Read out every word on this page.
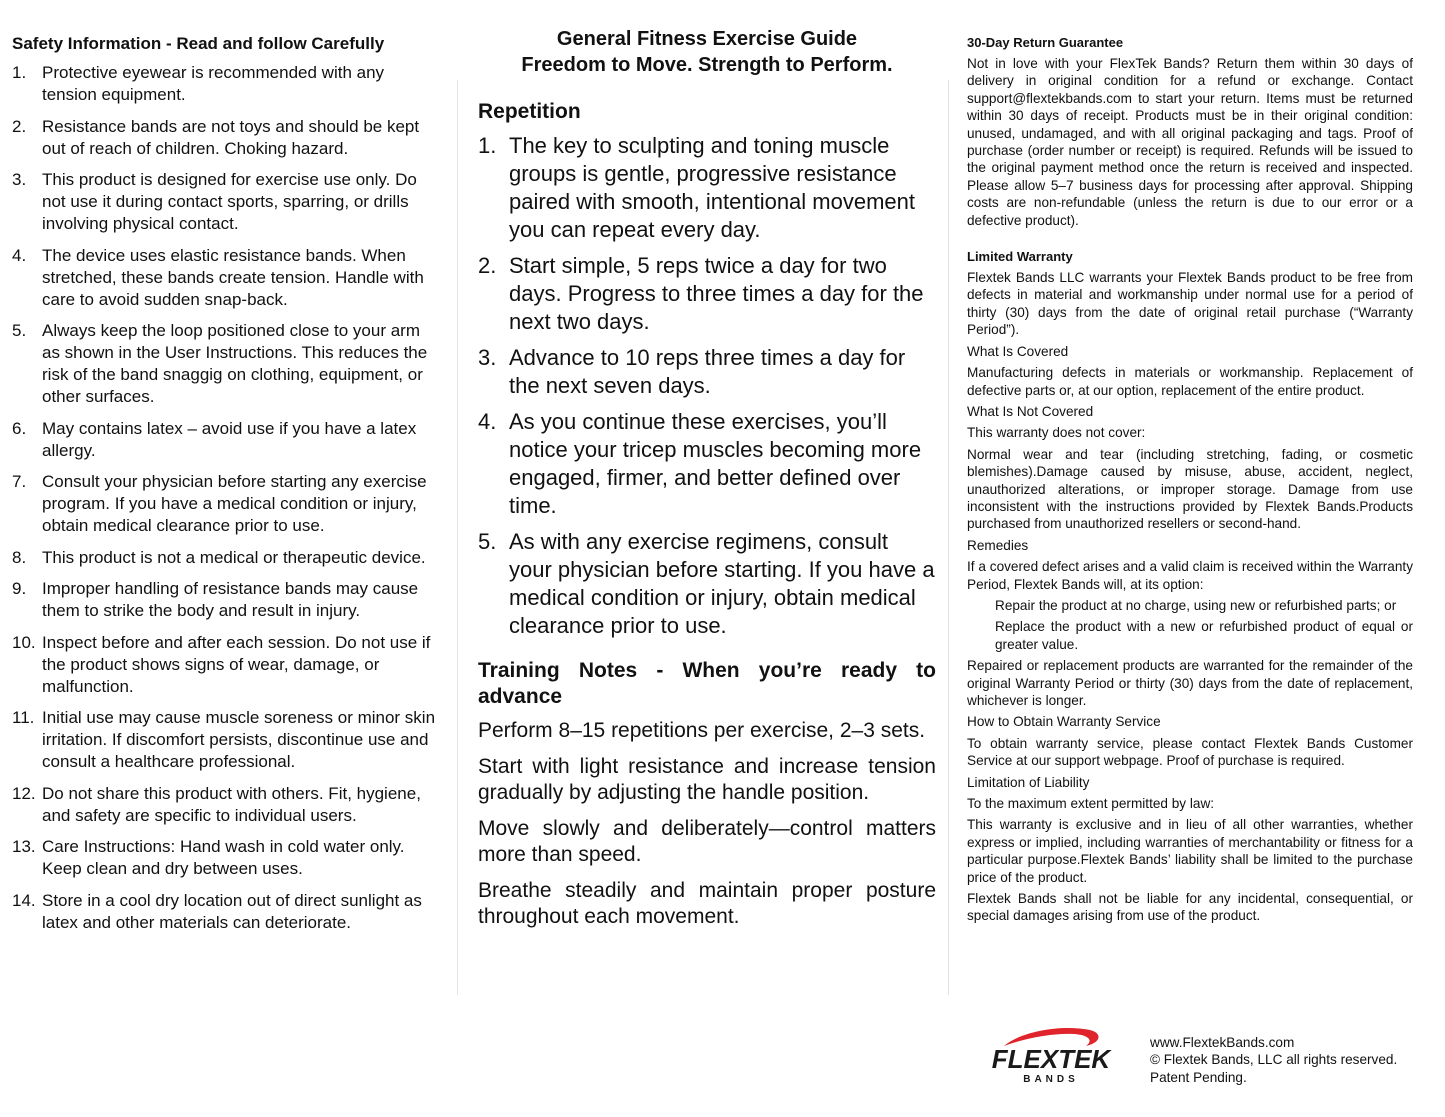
Safety Information - Read and follow Carefully
1. Protective eyewear is recommended with any tension equipment.
2. Resistance bands are not toys and should be kept out of reach of children. Choking hazard.
3. This product is designed for exercise use only. Do not use it during contact sports, sparring, or drills involving physical contact.
4. The device uses elastic resistance bands. When stretched, these bands create tension. Handle with care to avoid sudden snap-back.
5. Always keep the loop positioned close to your arm as shown in the User Instructions. This reduces the risk of the band snaggig on clothing, equipment, or other surfaces.
6. May contains latex – avoid use if you have a latex allergy.
7. Consult your physician before starting any exercise program. If you have a medical condition or injury, obtain medical clearance prior to use.
8. This product is not a medical or therapeutic device.
9. Improper handling of resistance bands may cause them to strike the body and result in injury.
10. Inspect before and after each session. Do not use if the product shows signs of wear, damage, or malfunction.
11. Initial use may cause muscle soreness or minor skin irritation. If discomfort persists, discontinue use and consult a healthcare professional.
12. Do not share this product with others. Fit, hygiene, and safety are specific to individual users.
13. Care Instructions: Hand wash in cold water only. Keep clean and dry between uses.
14. Store in a cool dry location out of direct sunlight as latex and other materials can deteriorate.
General Fitness Exercise Guide
Freedom to Move. Strength to Perform.
Repetition
1. The key to sculpting and toning muscle groups is gentle, progressive resistance paired with smooth, intentional movement you can repeat every day.
2. Start simple, 5 reps twice a day for two days. Progress to three times a day for the next two days.
3. Advance to 10 reps three times a day for the next seven days.
4. As you continue these exercises, you’ll notice your tricep muscles becoming more engaged, firmer, and better defined over time.
5. As with any exercise regimens, consult your physician before starting. If you have a medical condition or injury, obtain medical clearance prior to use.
Training Notes - When you’re ready to advance

Perform 8–15 repetitions per exercise, 2–3 sets.

Start with light resistance and increase tension gradually by adjusting the handle position.

Move slowly and deliberately—control matters more than speed.

Breathe steadily and maintain proper posture throughout each movement.

30-Day Return Guarantee

Not in love with your FlexTek Bands? Return them within 30 days of delivery in original condition for a refund or exchange. Contact support@flextekbands.com to start your return. Items must be returned within 30 days of receipt. Products must be in their original condition: unused, undamaged, and with all original packaging and tags. Proof of purchase (order number or receipt) is required. Refunds will be issued to the original payment method once the return is received and inspected. Please allow 5–7 business days for processing after approval. Shipping costs are non-refundable (unless the return is due to our error or a defective product).

Limited Warranty

Flextek Bands LLC warrants your Flextek Bands product to be free from defects in material and workmanship under normal use for a period of thirty (30) days from the date of original retail purchase (“Warranty Period”).

What Is Covered

Manufacturing defects in materials or workmanship. Replacement of defective parts or, at our option, replacement of the entire product.

What Is Not Covered
This warranty does not cover:

Normal wear and tear (including stretching, fading, or cosmetic blemishes).Damage caused by misuse, abuse, accident, neglect, unauthorized alterations, or improper storage. Damage from use inconsistent with the instructions provided by Flextek Bands.Products purchased from unauthorized resellers or second-hand.

Remedies

If a covered defect arises and a valid claim is received within the Warranty Period, Flextek Bands will, at its option:

Repair the product at no charge, using new or refurbished parts; or

Replace the product with a new or refurbished product of equal or greater value.

Repaired or replacement products are warranted for the remainder of the original Warranty Period or thirty (30) days from the date of replacement, whichever is longer.

How to Obtain Warranty Service

To obtain warranty service, please contact Flextek Bands Customer Service at our support webpage. Proof of purchase is required.

Limitation of Liability
To the maximum extent permitted by law:

This warranty is exclusive and in lieu of all other warranties, whether express or implied, including warranties of merchantability or fitness for a particular purpose.Flextek Bands’ liability shall be limited to the purchase price of the product.

Flextek Bands shall not be liable for any incidental, consequential, or special damages arising from use of the product.

FLEXTEK
BANDS
www.FlextekBands.com
© Flextek Bands, LLC all rights reserved.
Patent Pending.
